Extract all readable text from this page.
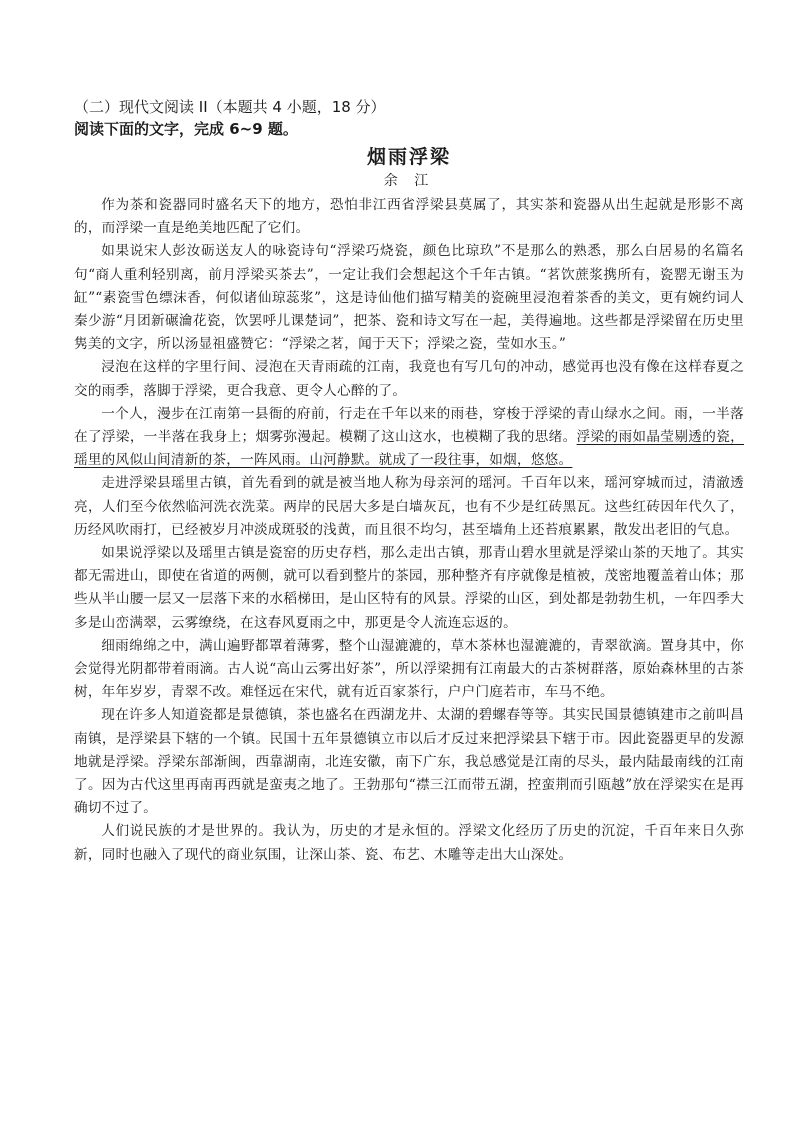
（二）现代文阅读 II（本题共 4 小题，18 分）

阅读下面的文字，完成 6~9 题。

烟雨浮梁

余 江

作为茶和瓷器同时盛名天下的地方，恐怕非江西省浮梁县莫属了，其实茶和瓷器从出生起就是形影不离的，而浮梁一直是绝美地匹配了它们。

如果说宋人彭汝砺送友人的咏瓷诗句“浮梁巧烧瓷，颜色比琼玖”不是那么的熟悉，那么白居易的名篇名句“商人重利轻别离，前月浮梁买茶去”，一定让我们会想起这个千年古镇。“茗饮蔗浆携所有，瓷罂无谢玉为缸”“素瓷雪色缥沫香，何似诸仙琼蕊浆”，这是诗仙他们描写精美的瓷碗里浸泡着茶香的美文，更有婉约词人秦少游“月团新碾瀹花瓷，饮罢呼儿课楚词”，把茶、瓷和诗文写在一起，美得遍地。这些都是浮梁留在历史里隽美的文字，所以汤显祖盛赞它：“浮梁之茗，闻于天下；浮梁之瓷，莹如水玉。”

浸泡在这样的字里行间、浸泡在天青雨疏的江南，我竟也有写几句的冲动，感觉再也没有像在这样春夏之交的雨季，落脚于浮梁，更合我意、更令人心醉的了。

一个人，漫步在江南第一县衙的府前，行走在千年以来的雨巷，穿梭于浮梁的青山绿水之间。雨，一半落在了浮梁，一半落在我身上；烟雾弥漫起。模糊了这山这水，也模糊了我的思绪。浮梁的雨如晶莹剔透的瓷，瑶里的风似山间清新的茶，一阵风雨。山河静默。就成了一段往事，如烟，悠悠。

走进浮梁县瑶里古镇，首先看到的就是被当地人称为母亲河的瑶河。千百年以来，瑶河穿城而过，清澈透亮，人们至今依然临河洗衣洗菜。两岸的民居大多是白墙灰瓦，也有不少是红砖黑瓦。这些红砖因年代久了，历经风吹雨打，已经被岁月冲淡成斑驳的浅黄，而且很不均匀，甚至墙角上还苔痕累累，散发出老旧的气息。

如果说浮梁以及瑶里古镇是瓷窑的历史存档，那么走出古镇，那青山碧水里就是浮梁山茶的天地了。其实都无需进山，即使在省道的两侧，就可以看到整片的茶园，那种整齐有序就像是植被，茂密地覆盖着山体；那些从半山腰一层又一层落下来的水稻梯田，是山区特有的风景。浮梁的山区，到处都是勃勃生机，一年四季大多是山峦满翠，云雾缭绕，在这春风夏雨之中，那更是令人流连忘返的。

细雨绵绵之中，满山遍野都罩着薄雾，整个山湿漉漉的，草木茶林也湿漉漉的，青翠欲滴。置身其中，你会觉得光阴都带着雨滴。古人说“高山云雾出好茶”，所以浮梁拥有江南最大的古茶树群落，原始森林里的古茶树，年年岁岁，青翠不改。难怪远在宋代，就有近百家茶行，户户门庭若市，车马不绝。

现在许多人知道瓷都是景德镇，茶也盛名在西湖龙井、太湖的碧螺春等等。其实民国景德镇建市之前叫昌南镇，是浮梁县下辖的一个镇。民国十五年景德镇立市以后才反过来把浮梁县下辖于市。因此瓷器更早的发源地就是浮梁。浮梁东部渐闽，西靠湖南，北连安徽，南下广东，我总感觉是江南的尽头，最内陆最南线的江南了。因为古代这里再南再西就是蛮夷之地了。王勃那句“襟三江而带五湖，控蛮荆而引瓯越”放在浮梁实在是再确切不过了。

人们说民族的才是世界的。我认为，历史的才是永恒的。浮梁文化经历了历史的沉淀，千百年来日久弥新，同时也融入了现代的商业氛围，让深山茶、瓷、布艺、木雕等走出大山深处。
